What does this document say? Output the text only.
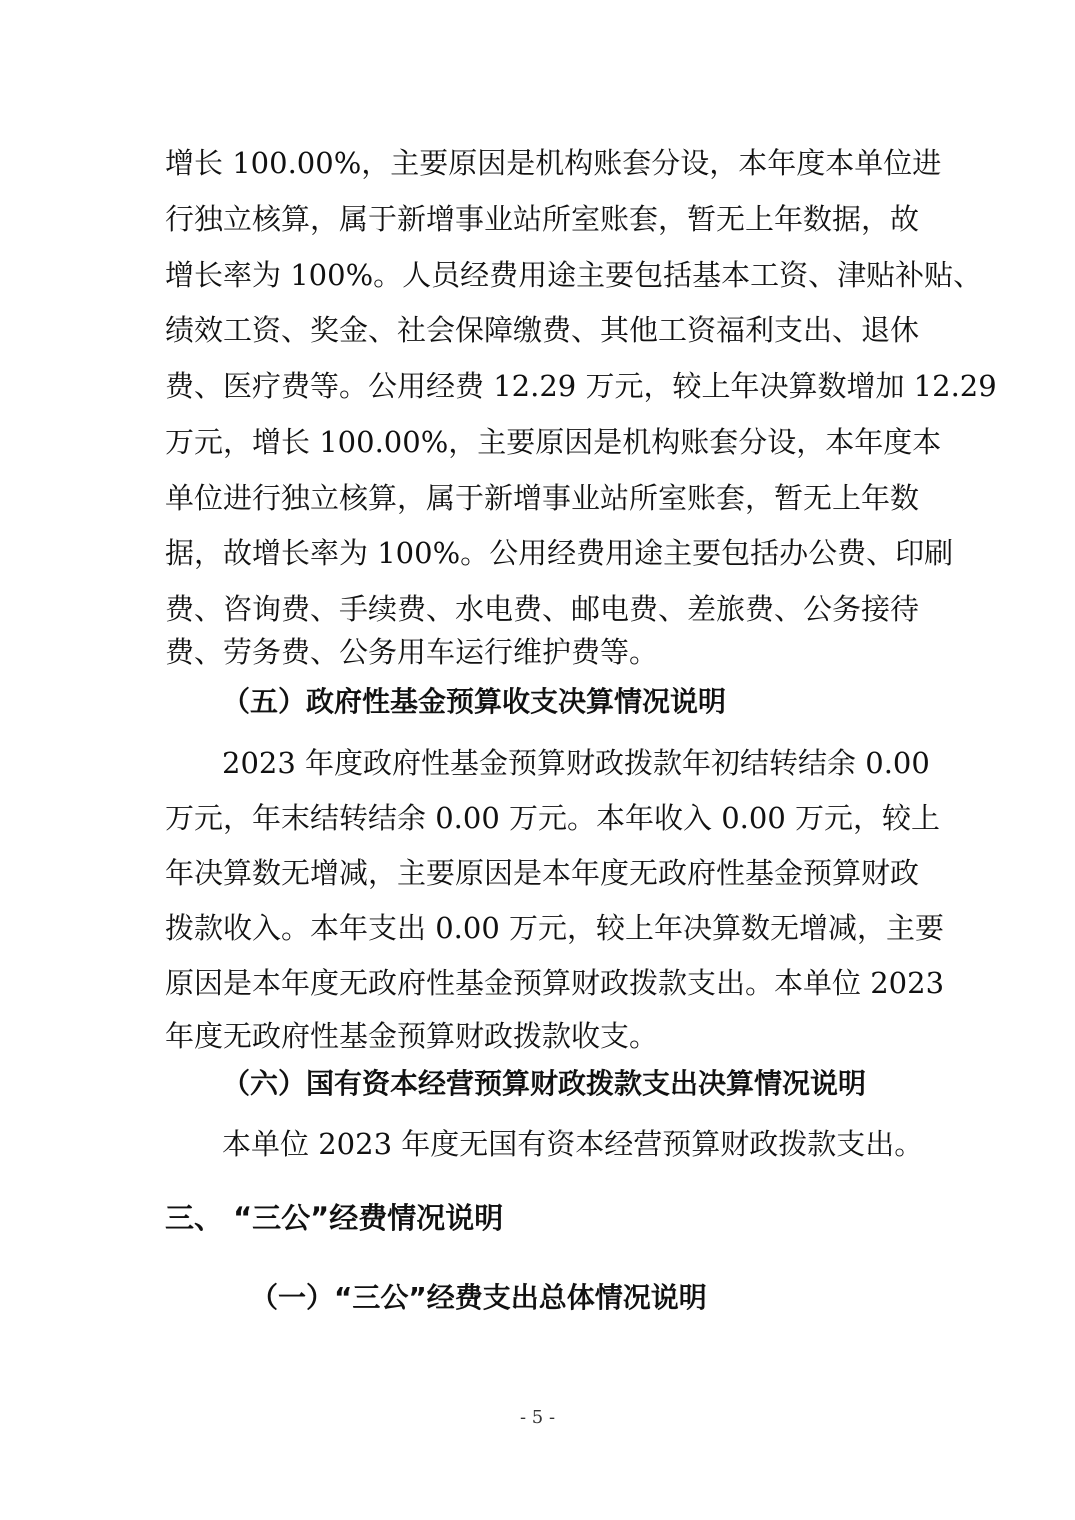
增长 100.00%，主要原因是机构账套分设，本年度本单位进
行独立核算，属于新增事业站所室账套，暂无上年数据，故
增长率为 100%。人员经费用途主要包括基本工资、津贴补贴、
绩效工资、奖金、社会保障缴费、其他工资福利支出、退休
费、医疗费等。公用经费 12.29 万元，较上年决算数增加 12.29
万元，增长 100.00%，主要原因是机构账套分设，本年度本
单位进行独立核算，属于新增事业站所室账套，暂无上年数
据，故增长率为 100%。公用经费用途主要包括办公费、印刷
费、咨询费、手续费、水电费、邮电费、差旅费、公务接待
费、劳务费、公务用车运行维护费等。
（五）政府性基金预算收支决算情况说明
2023 年度政府性基金预算财政拨款年初结转结余 0.00
万元，年末结转结余 0.00 万元。本年收入 0.00 万元，较上
年决算数无增减，主要原因是本年度无政府性基金预算财政
拨款收入。本年支出 0.00 万元，较上年决算数无增减，主要
原因是本年度无政府性基金预算财政拨款支出。本单位 2023
年度无政府性基金预算财政拨款收支。
（六）国有资本经营预算财政拨款支出决算情况说明
本单位 2023 年度无国有资本经营预算财政拨款支出。
三、 “三公”经费情况说明
（一）“三公”经费支出总体情况说明
- 5 -
